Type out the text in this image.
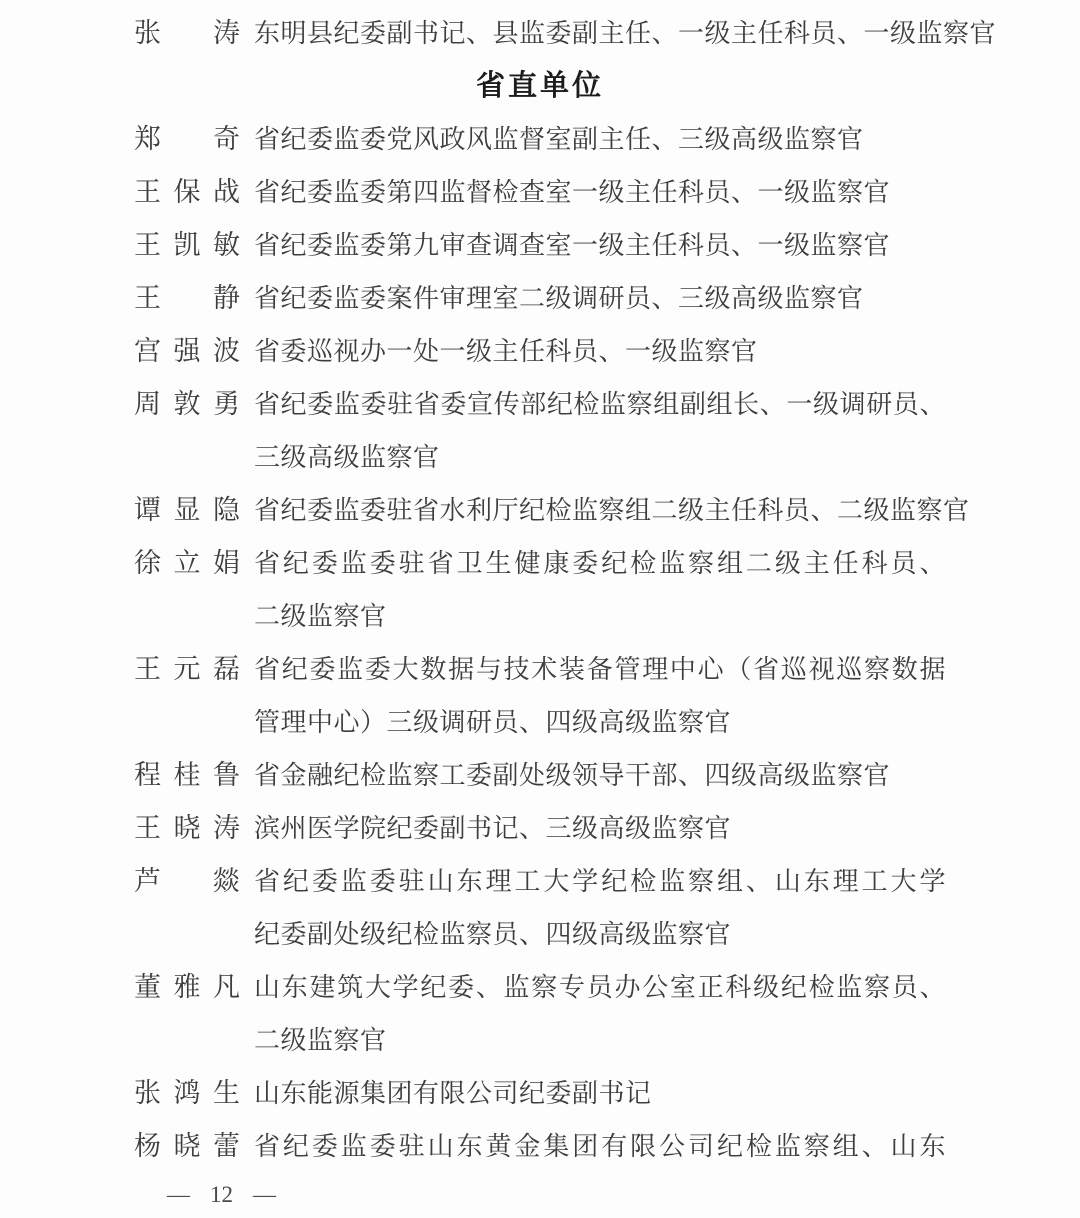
张涛 东明县纪委副书记、县监委副主任、一级主任科员、一级监察官
省直单位
郑奇 省纪委监委党风政风监督室副主任、三级高级监察官
王保战 省纪委监委第四监督检查室一级主任科员、一级监察官
王凯敏 省纪委监委第九审查调查室一级主任科员、一级监察官
王静 省纪委监委案件审理室二级调研员、三级高级监察官
宫强波 省委巡视办一处一级主任科员、一级监察官
周敦勇 省纪委监委驻省委宣传部纪检监察组副组长、一级调研员、
三级高级监察官
谭显隐 省纪委监委驻省水利厅纪检监察组二级主任科员、二级监察官
徐立娟 省纪委监委驻省卫生健康委纪检监察组二级主任科员、
二级监察官
王元磊 省纪委监委大数据与技术装备管理中心（省巡视巡察数据
管理中心）三级调研员、四级高级监察官
程桂鲁 省金融纪检监察工委副处级领导干部、四级高级监察官
王晓涛 滨州医学院纪委副书记、三级高级监察官
芦燚 省纪委监委驻山东理工大学纪检监察组、山东理工大学
纪委副处级纪检监察员、四级高级监察官
董雅凡 山东建筑大学纪委、监察专员办公室正科级纪检监察员、
二级监察官
张鸿生 山东能源集团有限公司纪委副书记
杨晓蕾 省纪委监委驻山东黄金集团有限公司纪检监察组、山东
— 12 —
